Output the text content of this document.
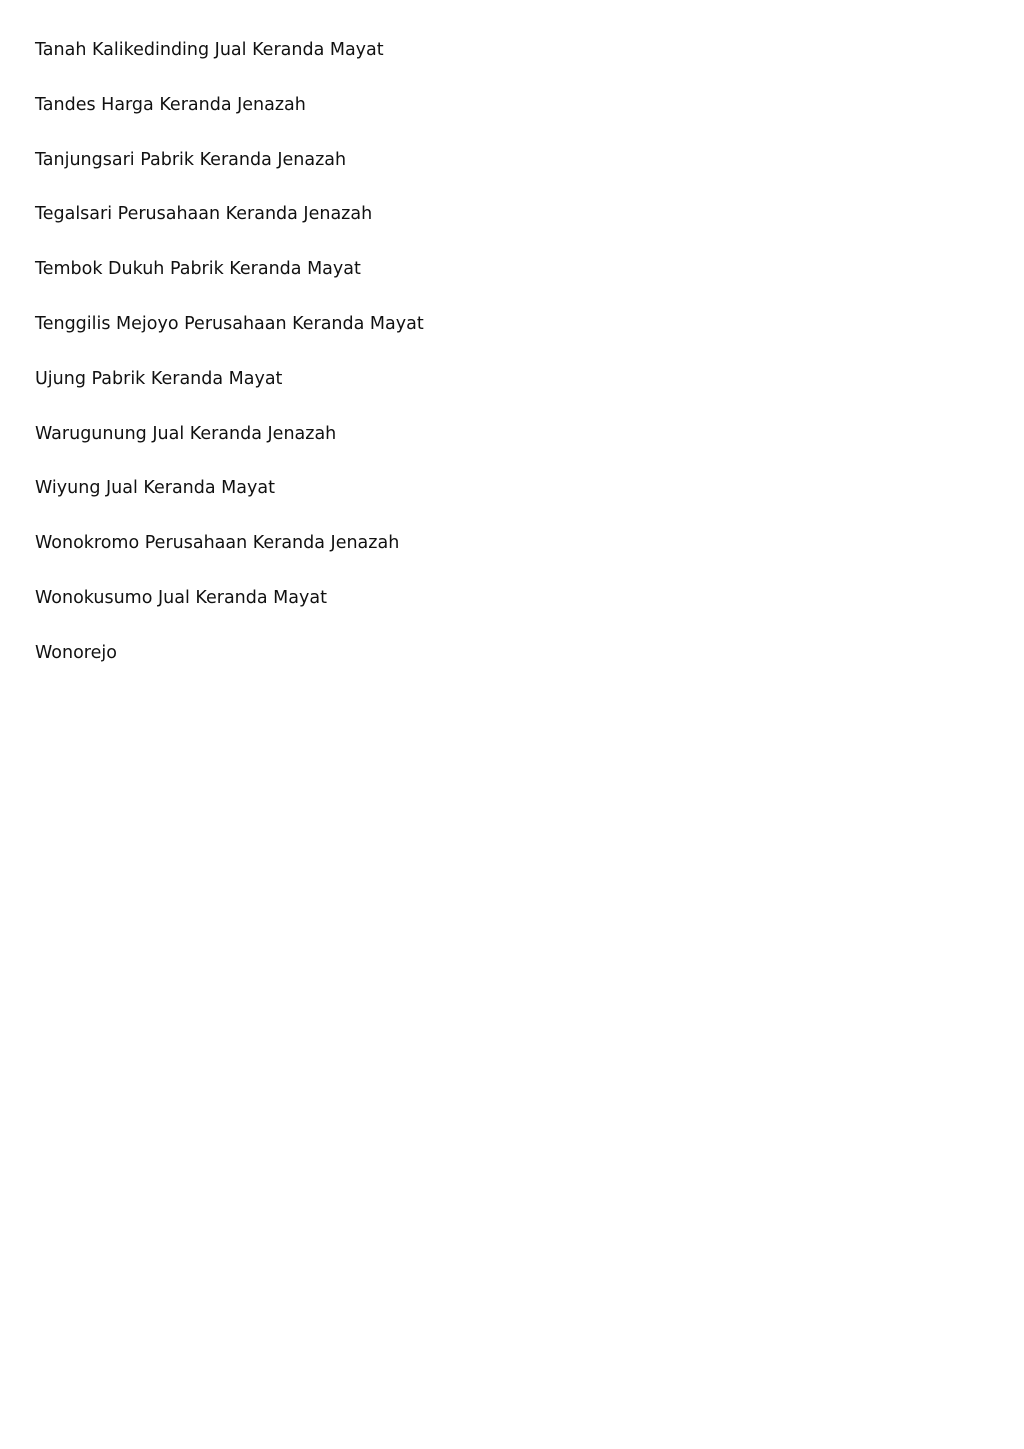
Tanah Kalikedinding Jual Keranda Mayat
Tandes Harga Keranda Jenazah
Tanjungsari Pabrik Keranda Jenazah
Tegalsari Perusahaan Keranda Jenazah
Tembok Dukuh Pabrik Keranda Mayat
Tenggilis Mejoyo Perusahaan Keranda Mayat
Ujung Pabrik Keranda Mayat
Warugunung Jual Keranda Jenazah
Wiyung Jual Keranda Mayat
Wonokromo Perusahaan Keranda Jenazah
Wonokusumo Jual Keranda Mayat
Wonorejo
